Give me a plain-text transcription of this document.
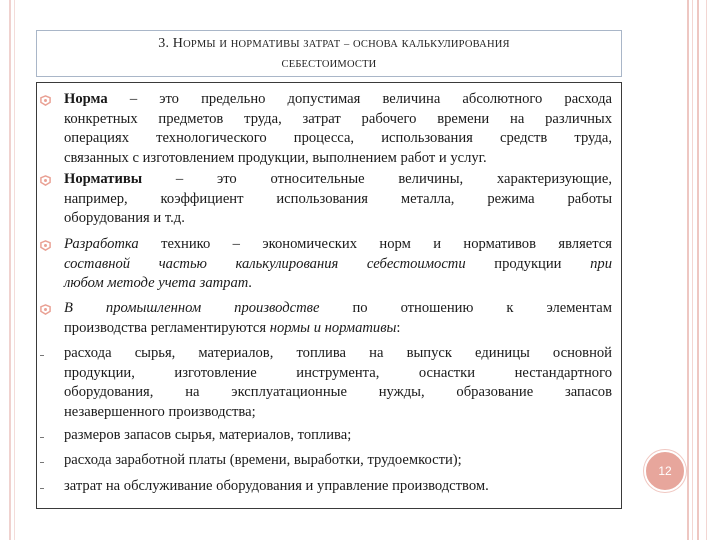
3. НОРМЫ И НОРМАТИВЫ ЗАТРАТ – ОСНОВА КАЛЬКУЛИРОВАНИЯ
СЕБЕСТОИМОСТИ
Норма – это предельно допустимая величина абсолютного расхода
конкретных предметов труда, затрат рабочего времени на различных
операциях технологического процесса, использования средств труда,
связанных с изготовлением продукции, выполнением работ и услуг.
Нормативы – это относительные величины, характеризующие,
например, коэффициент использования металла, режима работы
оборудования и т.д.
Разработка технико – экономических норм и нормативов является
составной частью калькулирования себестоимости продукции при
любом методе учета затрат.
В промышленном производстве по отношению к элементам
производства регламентируются нормы и нормативы:
расхода сырья, материалов, топлива на выпуск единицы основной
продукции, изготовление инструмента, оснастки нестандартного
оборудования, на эксплуатационные нужды, образование запасов
незавершенного производства;
размеров запасов сырья, материалов, топлива;
расхода заработной платы (времени, выработки, трудоемкости);
затрат на обслуживание оборудования и управление производством.
12
